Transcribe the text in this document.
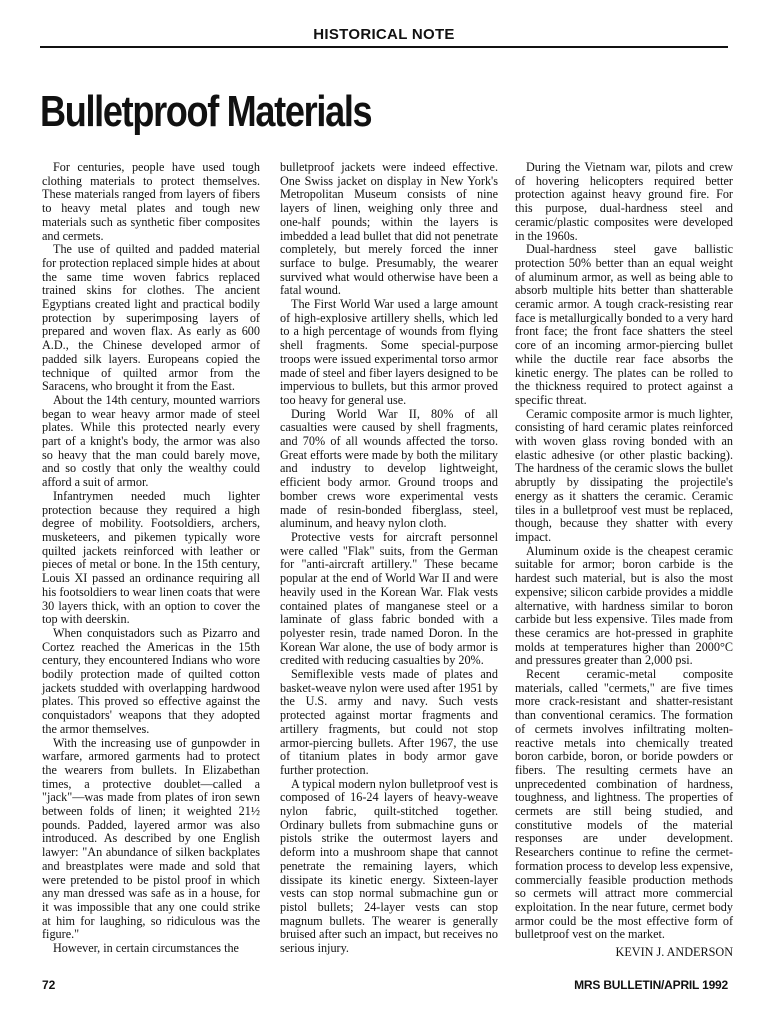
HISTORICAL NOTE
Bulletproof Materials

For centuries, people have used tough clothing materials to protect themselves. These materials ranged from layers of fibers to heavy metal plates and tough new materials such as synthetic fiber composites and cermets.

The use of quilted and padded material for protection replaced simple hides at about the same time woven fabrics replaced trained skins for clothes. The ancient Egyptians created light and practical bodily protection by superimposing layers of prepared and woven flax. As early as 600 A.D., the Chinese developed armor of padded silk layers. Europeans copied the technique of quilted armor from the Saracens, who brought it from the East.

About the 14th century, mounted warriors began to wear heavy armor made of steel plates. While this protected nearly every part of a knight's body, the armor was also so heavy that the man could barely move, and so costly that only the wealthy could afford a suit of armor.

Infantrymen needed much lighter protection because they required a high degree of mobility. Footsoldiers, archers, musketeers, and pikemen typically wore quilted jackets reinforced with leather or pieces of metal or bone. In the 15th century, Louis XI passed an ordinance requiring all his footsoldiers to wear linen coats that were 30 layers thick, with an option to cover the top with deerskin.

When conquistadors such as Pizarro and Cortez reached the Americas in the 15th century, they encountered Indians who wore bodily protection made of quilted cotton jackets studded with overlapping hardwood plates. This proved so effective against the conquistadors' weapons that they adopted the armor themselves.

With the increasing use of gunpowder in warfare, armored garments had to protect the wearers from bullets. In Elizabethan times, a protective doublet—called a "jack"—was made from plates of iron sewn between folds of linen; it weighted 21½ pounds. Padded, layered armor was also introduced. As described by one English lawyer: "An abundance of silken backplates and breastplates were made and sold that were pretended to be pistol proof in which any man dressed was safe as in a house, for it was impossible that any one could strike at him for laughing, so ridiculous was the figure."

However, in certain circumstances the

bulletproof jackets were indeed effective. One Swiss jacket on display in New York's Metropolitan Museum consists of nine layers of linen, weighing only three and one-half pounds; within the layers is imbedded a lead bullet that did not penetrate completely, but merely forced the inner surface to bulge. Presumably, the wearer survived what would otherwise have been a fatal wound.

The First World War used a large amount of high-explosive artillery shells, which led to a high percentage of wounds from flying shell fragments. Some special-purpose troops were issued experimental torso armor made of steel and fiber layers designed to be impervious to bullets, but this armor proved too heavy for general use.

During World War II, 80% of all casualties were caused by shell fragments, and 70% of all wounds affected the torso. Great efforts were made by both the military and industry to develop lightweight, efficient body armor. Ground troops and bomber crews wore experimental vests made of resin-bonded fiberglass, steel, aluminum, and heavy nylon cloth.

Protective vests for aircraft personnel were called "Flak" suits, from the German for "anti-aircraft artillery." These became popular at the end of World War II and were heavily used in the Korean War. Flak vests contained plates of manganese steel or a laminate of glass fabric bonded with a polyester resin, trade named Doron. In the Korean War alone, the use of body armor is credited with reducing casualties by 20%.

Semiflexible vests made of plates and basket-weave nylon were used after 1951 by the U.S. army and navy. Such vests protected against mortar fragments and artillery fragments, but could not stop armor-piercing bullets. After 1967, the use of titanium plates in body armor gave further protection.

A typical modern nylon bulletproof vest is composed of 16-24 layers of heavy-weave nylon fabric, quilt-stitched together. Ordinary bullets from submachine guns or pistols strike the outermost layers and deform into a mushroom shape that cannot penetrate the remaining layers, which dissipate its kinetic energy. Sixteen-layer vests can stop normal submachine gun or pistol bullets; 24-layer vests can stop magnum bullets. The wearer is generally bruised after such an impact, but receives no serious injury.

During the Vietnam war, pilots and crew of hovering helicopters required better protection against heavy ground fire. For this purpose, dual-hardness steel and ceramic/plastic composites were developed in the 1960s.

Dual-hardness steel gave ballistic protection 50% better than an equal weight of aluminum armor, as well as being able to absorb multiple hits better than shatterable ceramic armor. A tough crack-resisting rear face is metallurgically bonded to a very hard front face; the front face shatters the steel core of an incoming armor-piercing bullet while the ductile rear face absorbs the kinetic energy. The plates can be rolled to the thickness required to protect against a specific threat.

Ceramic composite armor is much lighter, consisting of hard ceramic plates reinforced with woven glass roving bonded with an elastic adhesive (or other plastic backing). The hardness of the ceramic slows the bullet abruptly by dissipating the projectile's energy as it shatters the ceramic. Ceramic tiles in a bulletproof vest must be replaced, though, because they shatter with every impact.

Aluminum oxide is the cheapest ceramic suitable for armor; boron carbide is the hardest such material, but is also the most expensive; silicon carbide provides a middle alternative, with hardness similar to boron carbide but less expensive. Tiles made from these ceramics are hot-pressed in graphite molds at temperatures higher than 2000°C and pressures greater than 2,000 psi.

Recent ceramic-metal composite materials, called "cermets," are five times more crack-resistant and shatter-resistant than conventional ceramics. The formation of cermets involves infiltrating molten-reactive metals into chemically treated boron carbide, boron, or boride powders or fibers. The resulting cermets have an unprecedented combination of hardness, toughness, and lightness. The properties of cermets are still being studied, and constitutive models of the material responses are under development. Researchers continue to refine the cermet-formation process to develop less expensive, commercially feasible production methods so cermets will attract more commercial exploitation. In the near future, cermet body armor could be the most effective form of bulletproof vest on the market.

KEVIN J. ANDERSON

72	MRS BULLETIN/APRIL 1992
